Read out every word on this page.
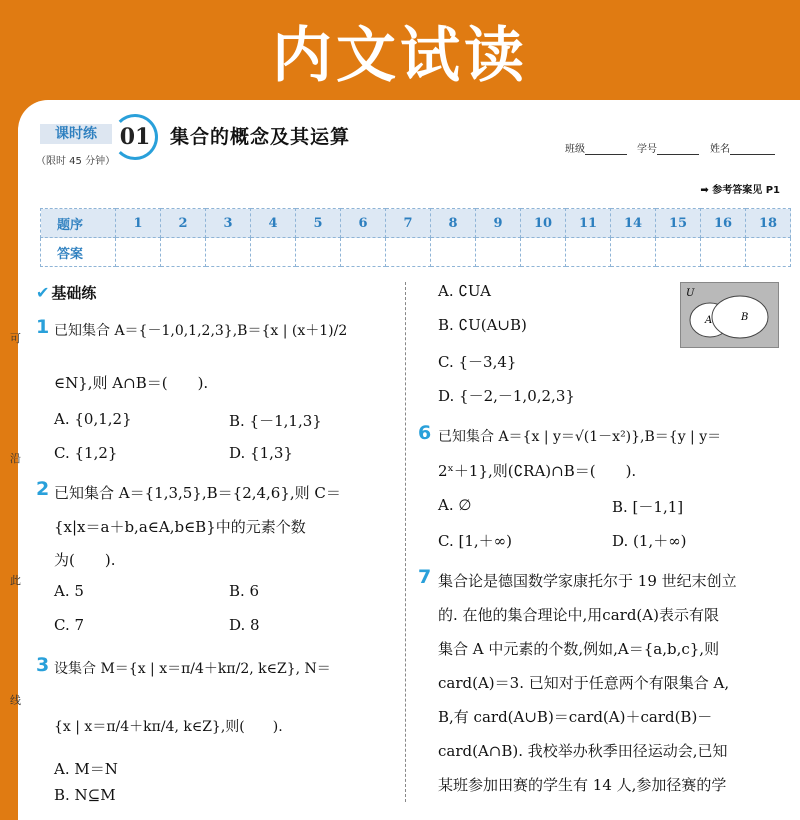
内文试读
课时练	01
（限时 45 分钟）
集合的概念及其运算
班级	学号	姓名
➡ 参考答案见 P1
题序	1	2	3	4	5	6	7	8	9	10	11	14	15	16	18
答案															
✔ 基础练
可
沿
此
线
1 已知集合 A＝{－1,0,1,2,3},B＝{x | (x＋1)/2
∈N},则 A∩B＝(　　).
A. {0,1,2}	B. {－1,1,3}
C. {1,2}	D. {1,3}
2 已知集合 A＝{1,3,5},B＝{2,4,6},则 C＝
{x|x＝a＋b,a∈A,b∈B}中的元素个数
为(　　).
A. 5	B. 6
C. 7	D. 8
3 设集合 M＝{x | x＝π/4＋kπ/2, k∈Z}, N＝
{x | x＝π/4＋kπ/4, k∈Z},则(　　).
A. M＝N
B. N⊆M
A. ∁UA
B. ∁U(A∪B)
C. {－3,4}
D. {－2,－1,0,2,3}
U
A	B
6 已知集合 A＝{x | y＝√(1－x²)},B＝{y | y＝
2ˣ＋1},则(∁RA)∩B＝(　　).
A. ∅	B. [－1,1]
C. [1,＋∞)	D. (1,＋∞)
7 集合论是德国数学家康托尔于 19 世纪末创立
的. 在他的集合理论中,用card(A)表示有限
集合 A 中元素的个数,例如,A＝{a,b,c},则
card(A)＝3. 已知对于任意两个有限集合 A,
B,有 card(A∪B)＝card(A)＋card(B)－
card(A∩B). 我校举办秋季田径运动会,已知
某班参加田赛的学生有 14 人,参加径赛的学
